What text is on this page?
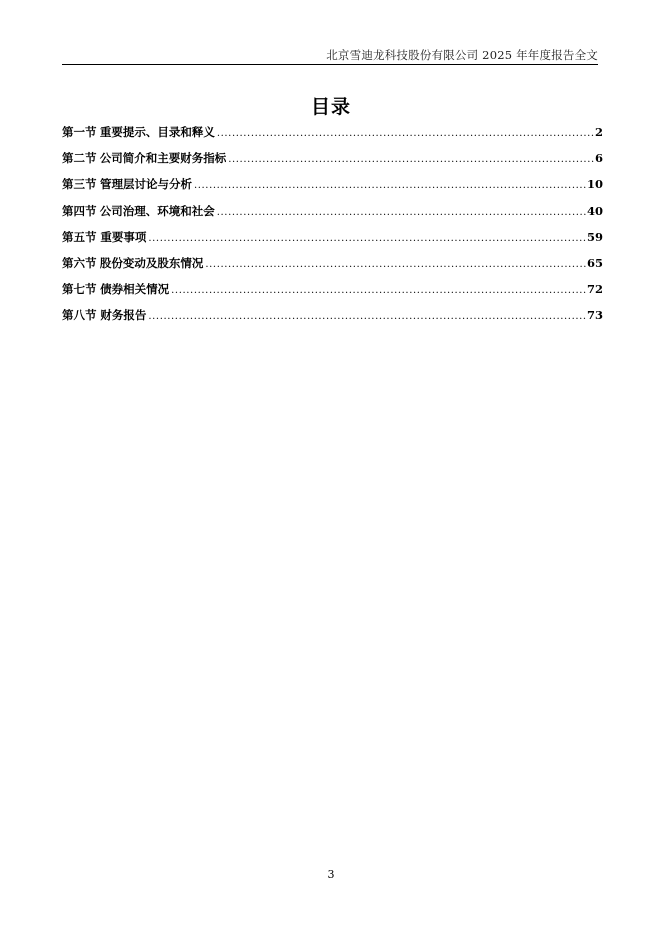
北京雪迪龙科技股份有限公司 2025 年年度报告全文
目录
第一节 重要提示、目录和释义 .....	2
第二节 公司简介和主要财务指标 .....	6
第三节 管理层讨论与分析 .....	10
第四节 公司治理、环境和社会 .....	40
第五节 重要事项 .....	59
第六节 股份变动及股东情况 .....	65
第七节 债券相关情况 .....	72
第八节 财务报告 .....	73
3
